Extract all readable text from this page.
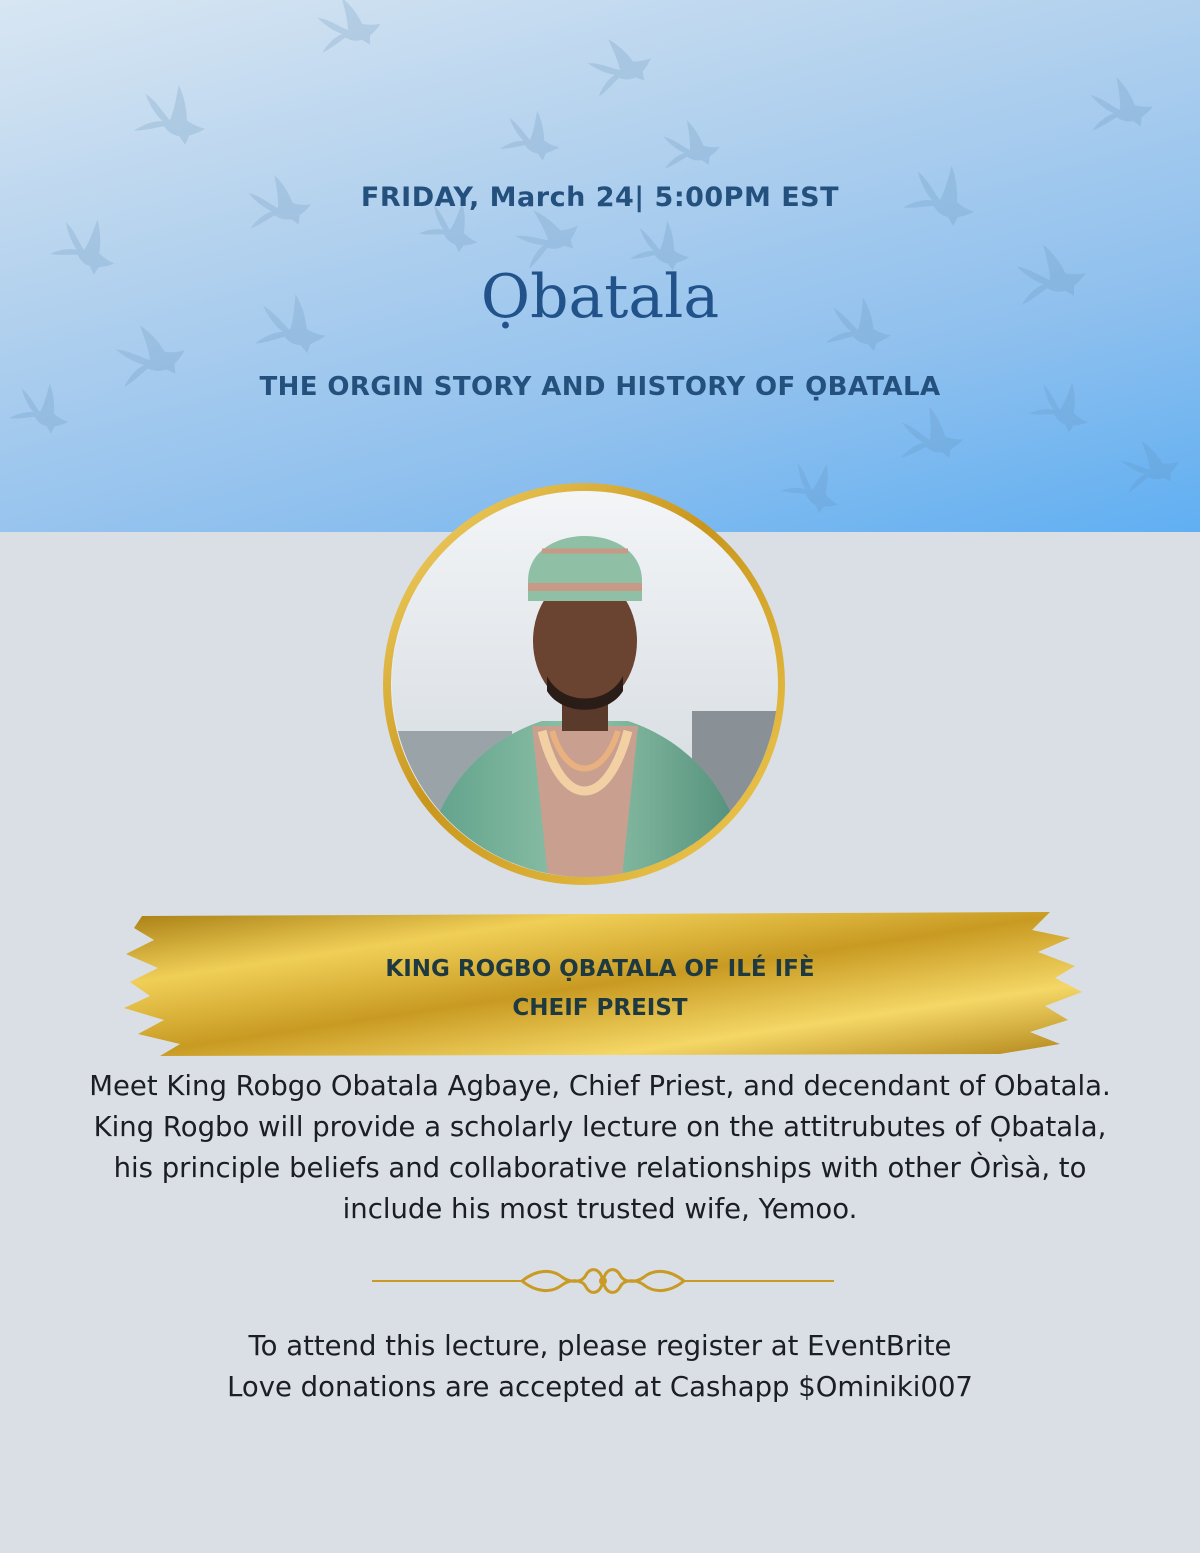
FRIDAY, March 24| 5:00PM EST

Ọbatala

THE ORGIN STORY AND HISTORY OF ỌBATALA

KING ROGBO ỌBATALA OF ILÉ IFÈ
CHEIF PREIST

Meet King Robgo Obatala Agbaye, Chief Priest, and decendant of Obatala. King Rogbo will provide a scholarly lecture on the attitrubutes of Ọbatala, his principle beliefs and collaborative relationships with other Òrìsà, to include his most trusted wife, Yemoo.

To attend this lecture, please register at EventBrite

Love donations are accepted at Cashapp $Ominiki007
